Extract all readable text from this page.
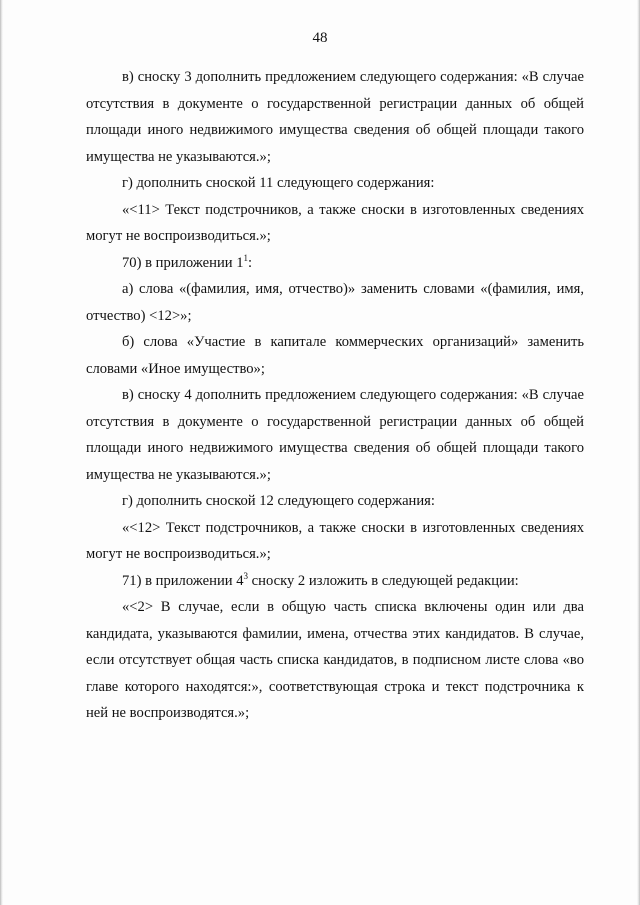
48

в) сноску 3 дополнить предложением следующего содержания: «В случае отсутствия в документе о государственной регистрации данных об общей площади иного недвижимого имущества сведения об общей площади такого имущества не указываются.»;

г) дополнить сноской 11 следующего содержания:

«<11> Текст подстрочников, а также сноски в изготовленных сведениях могут не воспроизводиться.»;

70) в приложении $1^1$:

а) слова «(фамилия, имя, отчество)» заменить словами «(фамилия, имя, отчество) <12>»;

б) слова «Участие в капитале коммерческих организаций» заменить словами «Иное имущество»;

в) сноску 4 дополнить предложением следующего содержания: «В случае отсутствия в документе о государственной регистрации данных об общей площади иного недвижимого имущества сведения об общей площади такого имущества не указываются.»;

г) дополнить сноской 12 следующего содержания:

«<12> Текст подстрочников, а также сноски в изготовленных сведениях могут не воспроизводиться.»;

71) в приложении $4^3$ сноску 2 изложить в следующей редакции:

«<2> В случае, если в общую часть списка включены один или два кандидата, указываются фамилии, имена, отчества этих кандидатов. В случае, если отсутствует общая часть списка кандидатов, в подписном листе слова «во главе которого находятся:», соответствующая строка и текст подстрочника к ней не воспроизводятся.»;
